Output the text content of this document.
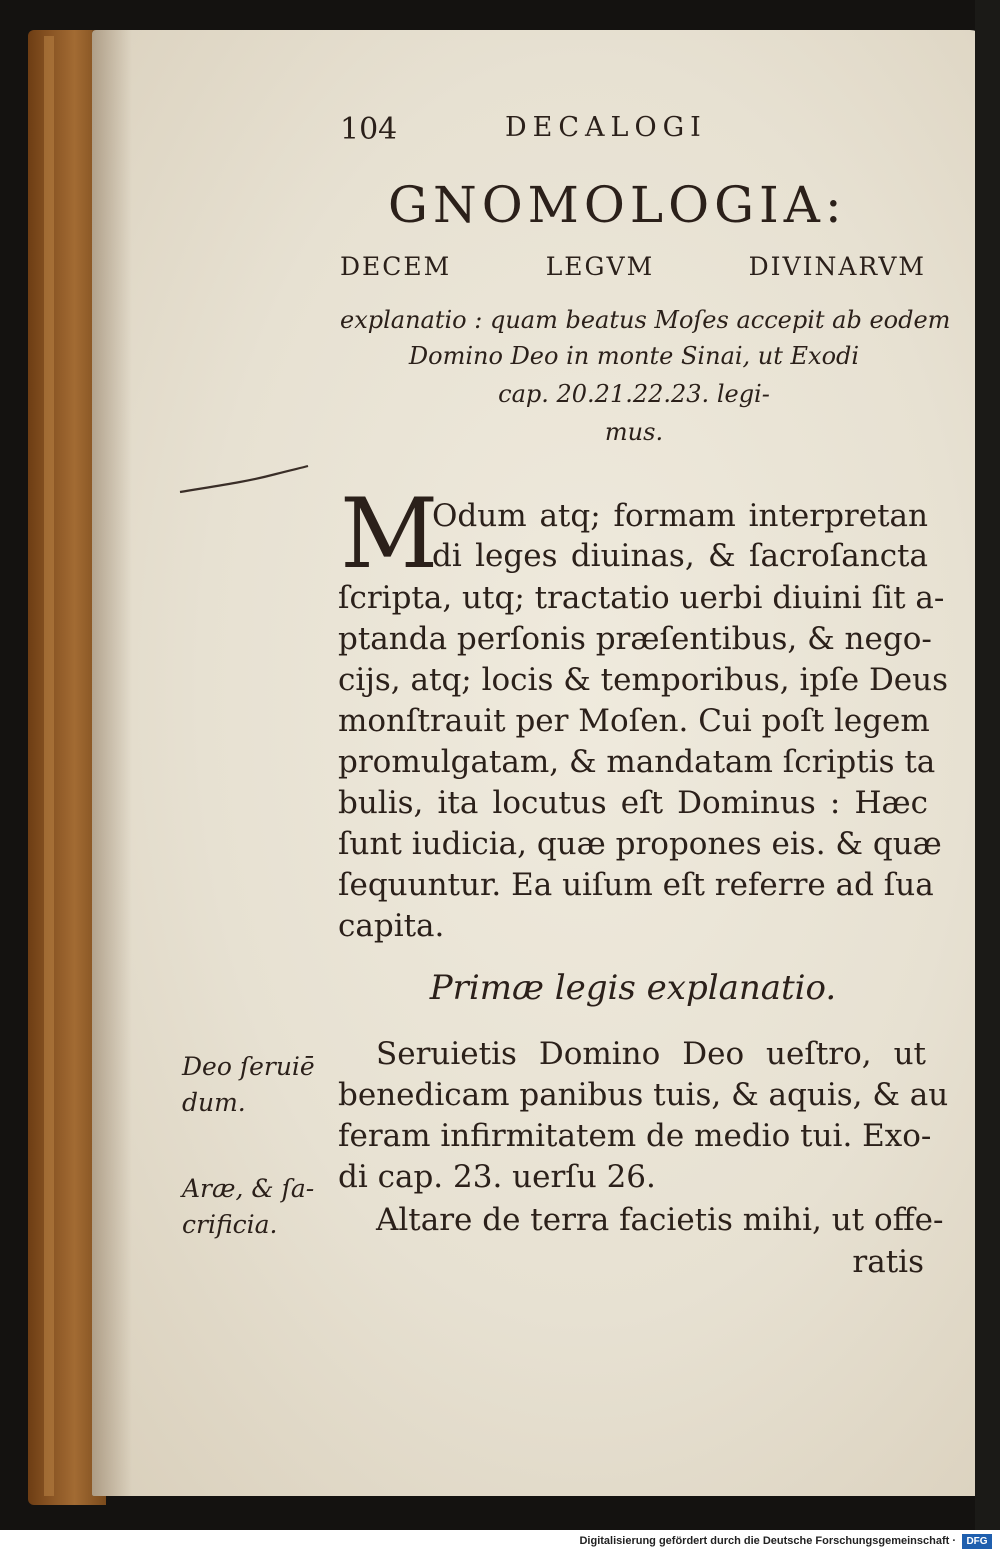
104	DECALOGI
GNOMOLOGIA:
DECEM	LEGVM	DIVINARVM
explanatio : quam beatus Moſes accepit ab eodem
Domino Deo in monte Sinai, ut Exodi
cap. 20.21.22.23. legi-
mus.
M
Odum atq; formam interpretan
di leges diuinas, & ſacroſancta
ſcripta, utq; tractatio uerbi diuini ſit a-
ptanda perſonis præſentibus, & nego-
cijs, atq; locis & temporibus, ipſe Deus
monſtrauit per Moſen. Cui poſt legem
promulgatam, & mandatam ſcriptis ta
bulis, ita locutus eſt Dominus : Hæc
ſunt iudicia, quæ propones eis. & quæ
ſequuntur. Ea uiſum eſt referre ad ſua
capita.
Primæ legis explanatio.
Seruietis Domino Deo ueſtro, ut
benedicam panibus tuis, & aquis, & au
feram infirmitatem de medio tui. Exo-
di cap. 23. uerſu 26.
Altare de terra facietis mihi, ut offe-
ratis
Deo ſeruiē
dum.
Aræ, & ſa-
crificia.
Digitalisierung gefördert durch die Deutsche Forschungsgemeinschaft ·	DFG
